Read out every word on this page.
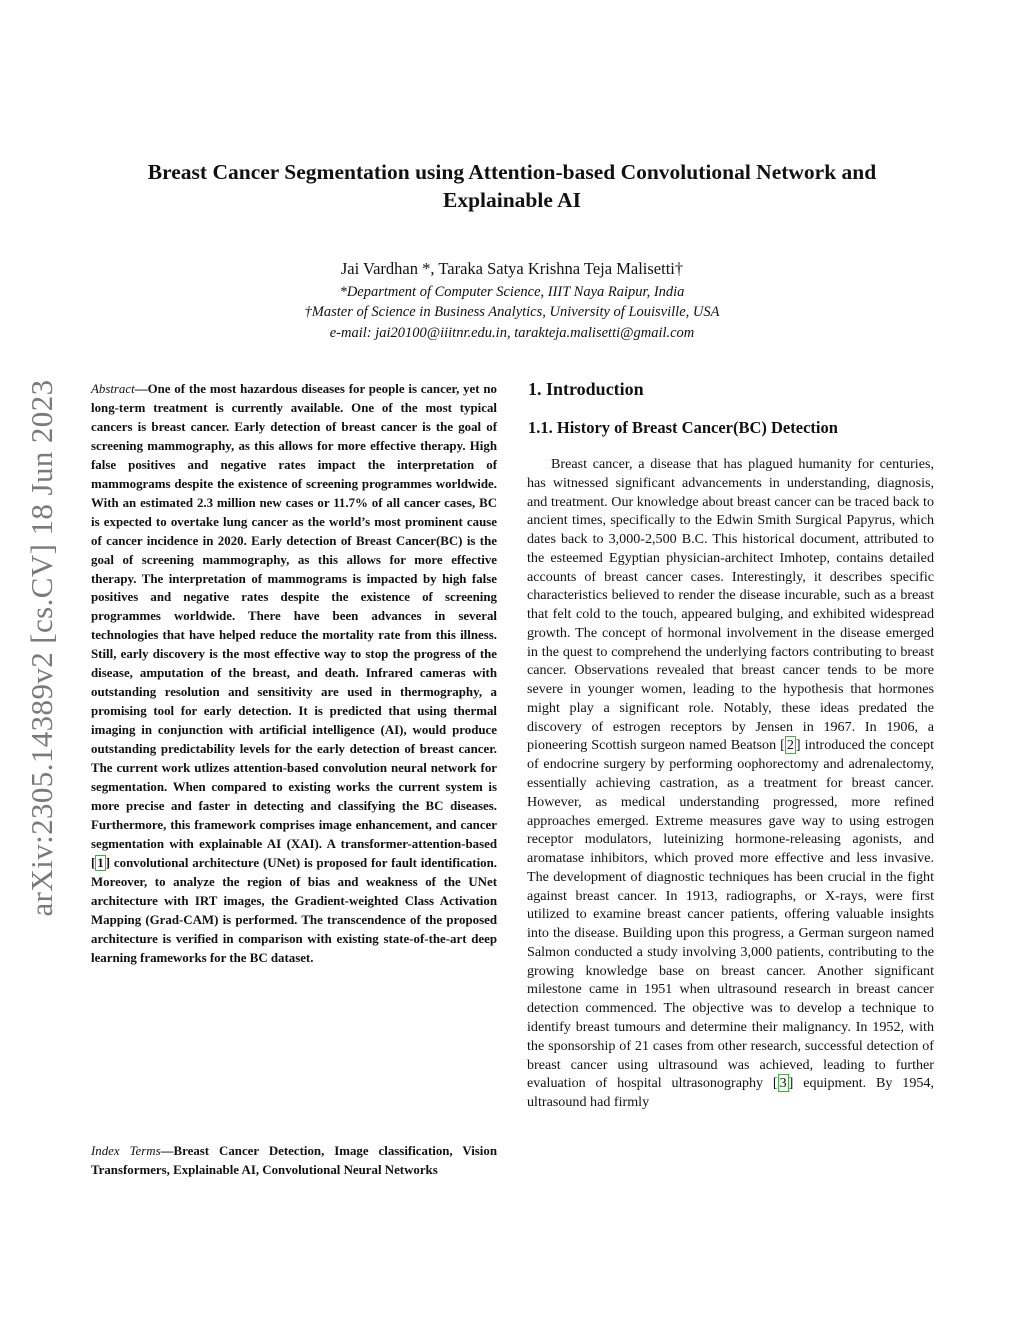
arXiv:2305.14389v2 [cs.CV] 18 Jun 2023
Breast Cancer Segmentation using Attention-based Convolutional Network and Explainable AI
Jai Vardhan *, Taraka Satya Krishna Teja Malisetti†
*Department of Computer Science, IIIT Naya Raipur, India
†Master of Science in Business Analytics, University of Louisville, USA
e-mail: jai20100@iiitnr.edu.in, tarakteja.malisetti@gmail.com

Abstract—One of the most hazardous diseases for people is cancer, yet no long-term treatment is currently available. One of the most typical cancers is breast cancer. Early detection of breast cancer is the goal of screening mammography, as this allows for more effective therapy. High false positives and negative rates impact the interpretation of mammograms despite the existence of screening programmes worldwide. With an estimated 2.3 million new cases or 11.7% of all cancer cases, BC is expected to overtake lung cancer as the world’s most prominent cause of cancer incidence in 2020. Early detection of Breast Cancer(BC) is the goal of screening mammography, as this allows for more effective therapy. The interpretation of mammograms is impacted by high false positives and negative rates despite the existence of screening programmes worldwide. There have been advances in several technologies that have helped reduce the mortality rate from this illness. Still, early discovery is the most effective way to stop the progress of the disease, amputation of the breast, and death. Infrared cameras with outstanding resolution and sensitivity are used in thermography, a promising tool for early detection. It is predicted that using thermal imaging in conjunction with artificial intelligence (AI), would produce outstanding predictability levels for the early detection of breast cancer. The current work utlizes attention-based convolution neural network for segmentation. When compared to existing works the current system is more precise and faster in detecting and classifying the BC diseases. Furthermore, this framework comprises image enhancement, and cancer segmentation with explainable AI (XAI). A transformer-attention-based [ 1 ] convolutional architecture (UNet) is proposed for fault identification. Moreover, to analyze the region of bias and weakness of the UNet architecture with IRT images, the Gradient-weighted Class Activation Mapping (Grad-CAM) is performed. The transcendence of the proposed architecture is verified in comparison with existing state-of-the-art deep learning frameworks for the BC dataset.

Index Terms—Breast Cancer Detection, Image classification, Vision Transformers, Explainable AI, Convolutional Neural Networks

1. Introduction
1.1. History of Breast Cancer(BC) Detection

Breast cancer, a disease that has plagued humanity for centuries, has witnessed significant advancements in understanding, diagnosis, and treatment. Our knowledge about breast cancer can be traced back to ancient times, specifically to the Edwin Smith Surgical Papyrus, which dates back to 3,000-2,500 B.C. This historical document, attributed to the esteemed Egyptian physician-architect Imhotep, contains detailed accounts of breast cancer cases. Interestingly, it describes specific characteristics believed to render the disease incurable, such as a breast that felt cold to the touch, appeared bulging, and exhibited widespread growth. The concept of hormonal involvement in the disease emerged in the quest to comprehend the underlying factors contributing to breast cancer. Observations revealed that breast cancer tends to be more severe in younger women, leading to the hypothesis that hormones might play a significant role. Notably, these ideas predated the discovery of estrogen receptors by Jensen in 1967. In 1906, a pioneering Scottish surgeon named Beatson [ 2 ] introduced the concept of endocrine surgery by performing oophorectomy and adrenalectomy, essentially achieving castration, as a treatment for breast cancer. However, as medical understanding progressed, more refined approaches emerged. Extreme measures gave way to using estrogen receptor modulators, luteinizing hormone-releasing agonists, and aromatase inhibitors, which proved more effective and less invasive. The development of diagnostic techniques has been crucial in the fight against breast cancer. In 1913, radiographs, or X-rays, were first utilized to examine breast cancer patients, offering valuable insights into the disease. Building upon this progress, a German surgeon named Salmon conducted a study involving 3,000 patients, contributing to the growing knowledge base on breast cancer. Another significant milestone came in 1951 when ultrasound research in breast cancer detection commenced. The objective was to develop a technique to identify breast tumours and determine their malignancy. In 1952, with the sponsorship of 21 cases from other research, successful detection of breast cancer using ultrasound was achieved, leading to further evaluation of hospital ultrasonography [ 3 ] equipment. By 1954, ultrasound had firmly
